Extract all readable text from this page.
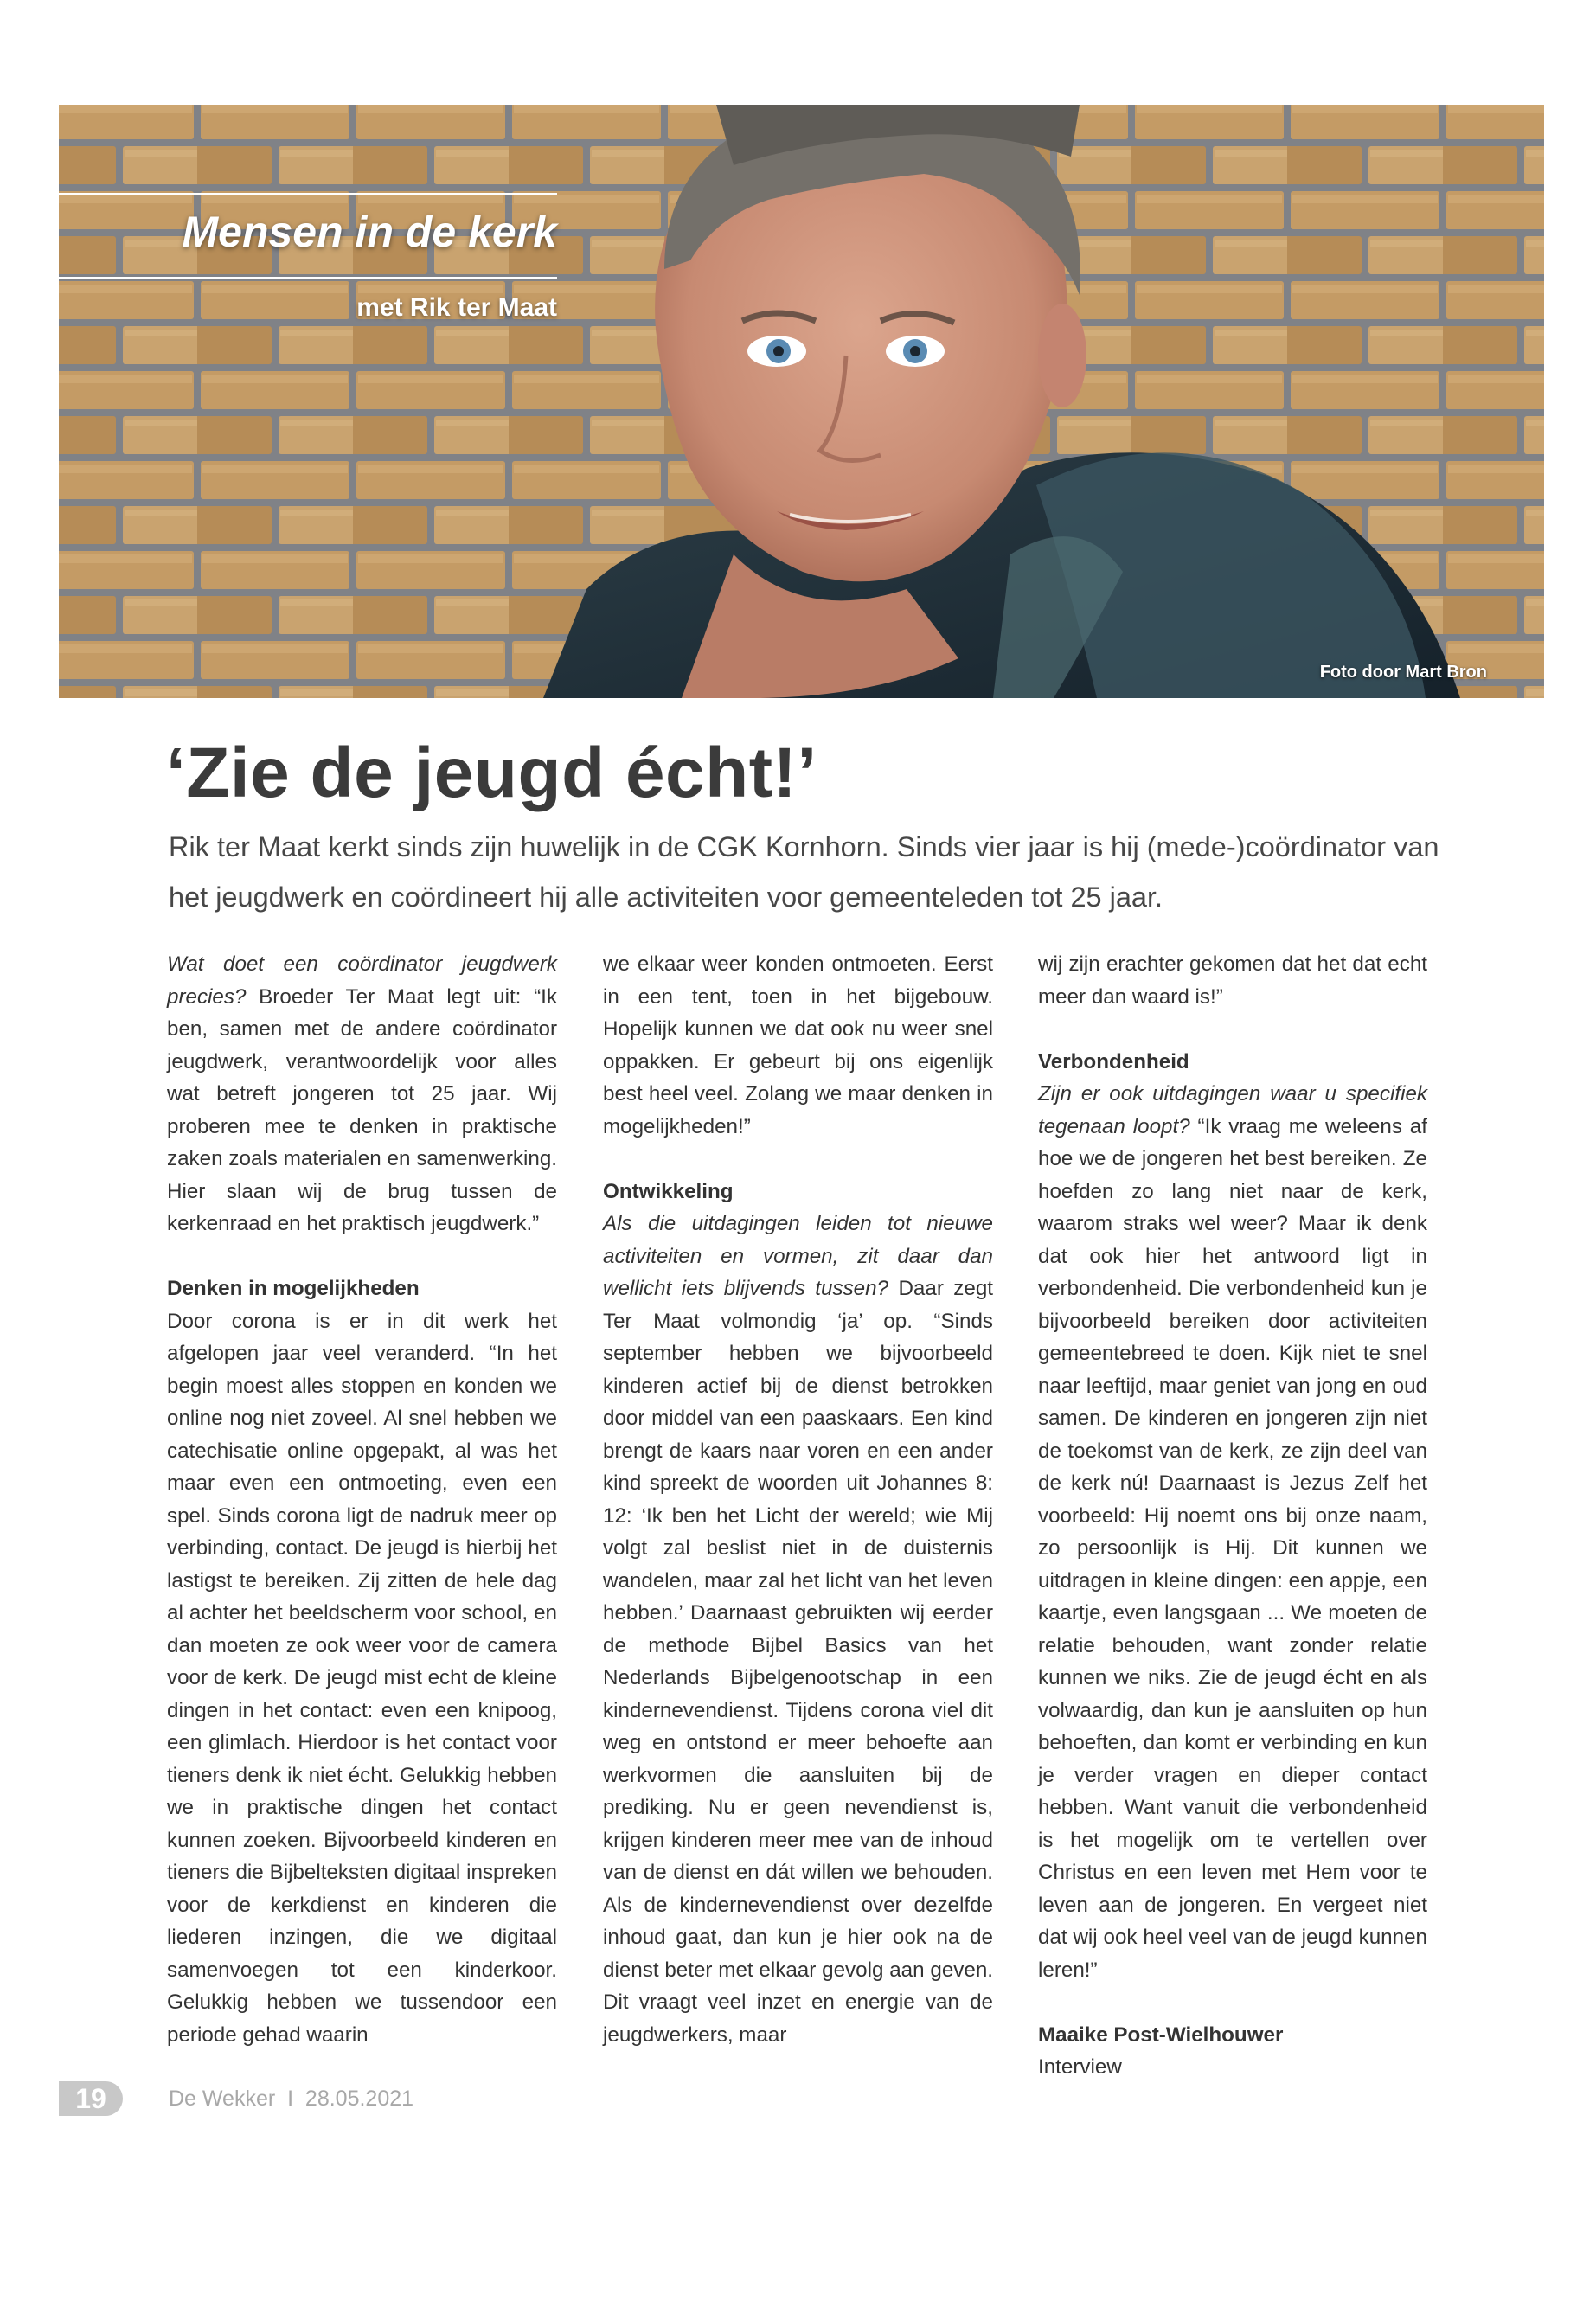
Mensen in de kerk
met Rik ter Maat
Foto door Mart Bron
‘Zie de jeugd écht!’
Rik ter Maat kerkt sinds zijn huwelijk in de CGK Kornhorn. Sinds vier jaar is hij (mede-)coördinator van het jeugdwerk en coördineert hij alle activiteiten voor gemeenteleden tot 25 jaar.

Wat doet een coördinator jeugdwerk precies? Broeder Ter Maat legt uit: “Ik ben, samen met de andere coördinator jeugdwerk, verantwoordelijk voor alles wat betreft jongeren tot 25 jaar. Wij proberen mee te denken in praktische zaken zoals materialen en samenwerking. Hier slaan wij de brug tussen de kerkenraad en het praktisch jeugdwerk.”

Denken in mogelijkheden
Door corona is er in dit werk het afgelopen jaar veel veranderd. “In het begin moest alles stoppen en konden we online nog niet zoveel. Al snel hebben we catechisatie online opgepakt, al was het maar even een ontmoeting, even een spel. Sinds corona ligt de nadruk meer op verbinding, contact. De jeugd is hierbij het lastigst te bereiken. Zij zitten de hele dag al achter het beeldscherm voor school, en dan moeten ze ook weer voor de camera voor de kerk. De jeugd mist echt de kleine dingen in het contact: even een knipoog, een glimlach. Hierdoor is het contact voor tieners denk ik niet écht. Gelukkig hebben we in praktische dingen het contact kunnen zoeken. Bijvoorbeeld kinderen en tieners die Bijbelteksten digitaal inspreken voor de kerkdienst en kinderen die liederen inzingen, die we digitaal samenvoegen tot een kinderkoor. Gelukkig hebben we tussendoor een periode gehad waarin

we elkaar weer konden ontmoeten. Eerst in een tent, toen in het bijgebouw. Hopelijk kunnen we dat ook nu weer snel oppakken. Er gebeurt bij ons eigenlijk best heel veel. Zolang we maar denken in mogelijkheden!”

Ontwikkeling
Als die uitdagingen leiden tot nieuwe activiteiten en vormen, zit daar dan wellicht iets blijvends tussen? Daar zegt Ter Maat volmondig ‘ja’ op. “Sinds september hebben we bijvoorbeeld kinderen actief bij de dienst betrokken door middel van een paaskaars. Een kind brengt de kaars naar voren en een ander kind spreekt de woorden uit Johannes 8: 12: ‘Ik ben het Licht der wereld; wie Mij volgt zal beslist niet in de duisternis wandelen, maar zal het licht van het leven hebben.’ Daarnaast gebruikten wij eerder de methode Bijbel Basics van het Nederlands Bijbelgenootschap in een kindernevendienst. Tijdens corona viel dit weg en ontstond er meer behoefte aan werkvormen die aansluiten bij de prediking. Nu er geen nevendienst is, krijgen kinderen meer mee van de inhoud van de dienst en dát willen we behouden. Als de kindernevendienst over dezelfde inhoud gaat, dan kun je hier ook na de dienst beter met elkaar gevolg aan geven. Dit vraagt veel inzet en energie van de jeugdwerkers, maar

wij zijn erachter gekomen dat het dat echt meer dan waard is!”

Verbondenheid
Zijn er ook uitdagingen waar u specifiek tegenaan loopt? “Ik vraag me weleens af hoe we de jongeren het best bereiken. Ze hoefden zo lang niet naar de kerk, waarom straks wel weer? Maar ik denk dat ook hier het antwoord ligt in verbondenheid. Die verbondenheid kun je bijvoorbeeld bereiken door activiteiten gemeentebreed te doen. Kijk niet te snel naar leeftijd, maar geniet van jong en oud samen. De kinderen en jongeren zijn niet de toekomst van de kerk, ze zijn deel van de kerk nú! Daarnaast is Jezus Zelf het voorbeeld: Hij noemt ons bij onze naam, zo persoonlijk is Hij. Dit kunnen we uitdragen in kleine dingen: een appje, een kaartje, even langsgaan ... We moeten de relatie behouden, want zonder relatie kunnen we niks. Zie de jeugd écht en als volwaardig, dan kun je aansluiten op hun behoeften, dan komt er verbinding en kun je verder vragen en dieper contact hebben. Want vanuit die verbondenheid is het mogelijk om te vertellen over Christus en een leven met Hem voor te leven aan de jongeren. En vergeet niet dat wij ook heel veel van de jeugd kunnen leren!”

Maaike Post-Wielhouwer
Interview

19	De Wekker  I  28.05.2021
